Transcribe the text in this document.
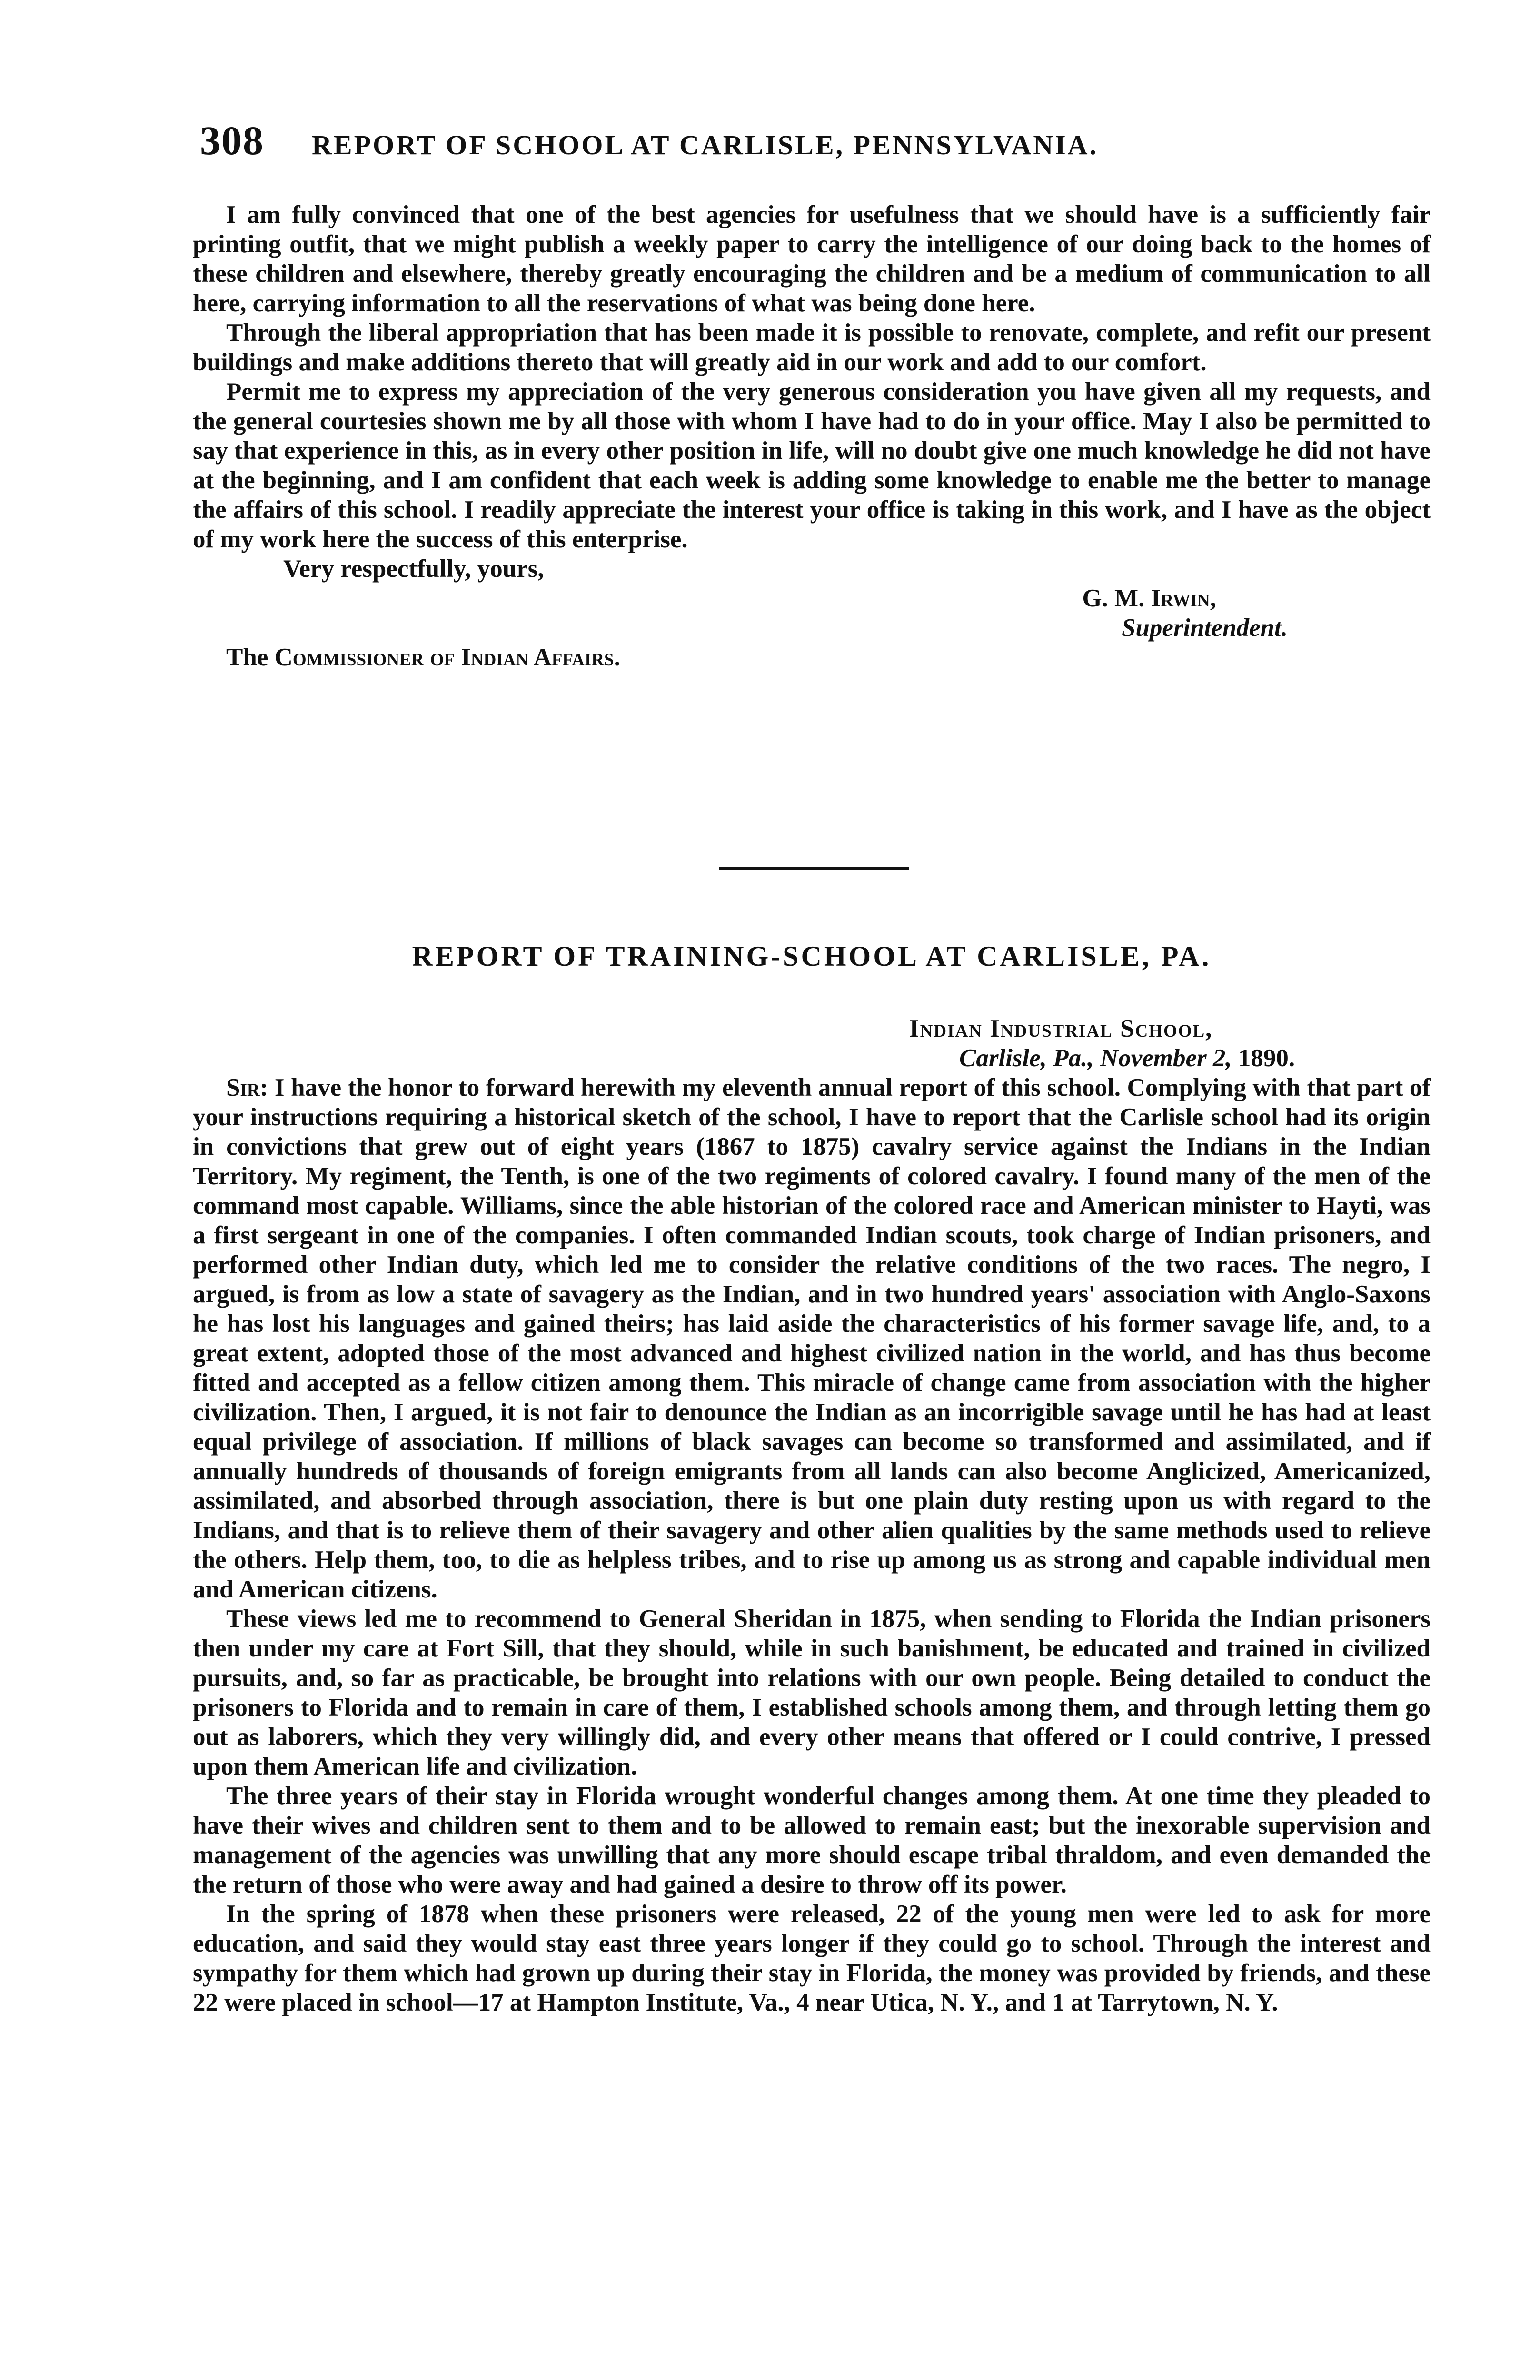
308 REPORT OF SCHOOL AT CARLISLE, PENNSYLVANIA.

I am fully convinced that one of the best agencies for usefulness that we should have is a sufficiently fair printing outfit, that we might publish a weekly paper to carry the intelligence of our doing back to the homes of these children and elsewhere, thereby greatly encouraging the children and be a medium of communication to all here, carrying information to all the reservations of what was being done here.

Through the liberal appropriation that has been made it is possible to renovate, complete, and refit our present buildings and make additions thereto that will greatly aid in our work and add to our comfort.

Permit me to express my appreciation of the very generous consideration you have given all my requests, and the general courtesies shown me by all those with whom I have had to do in your office. May I also be permitted to say that experience in this, as in every other position in life, will no doubt give one much knowledge he did not have at the beginning, and I am confident that each week is adding some knowledge to enable me the better to manage the affairs of this school. I readily appreciate the interest your office is taking in this work, and I have as the object of my work here the success of this enterprise.

Very respectfully, yours,

G. M. Irwin,

Superintendent.

The Commissioner of Indian Affairs.

REPORT OF TRAINING-SCHOOL AT CARLISLE, PA.

Indian Industrial School,

Carlisle, Pa., November 2, 1890.

Sir: I have the honor to forward herewith my eleventh annual report of this school. Complying with that part of your instructions requiring a historical sketch of the school, I have to report that the Carlisle school had its origin in convictions that grew out of eight years (1867 to 1875) cavalry service against the Indians in the Indian Territory. My regiment, the Tenth, is one of the two regiments of colored cavalry. I found many of the men of the command most capable. Williams, since the able historian of the colored race and American minister to Hayti, was a first sergeant in one of the companies. I often commanded Indian scouts, took charge of Indian prisoners, and performed other Indian duty, which led me to consider the relative conditions of the two races. The negro, I argued, is from as low a state of savagery as the Indian, and in two hundred years' association with Anglo-Saxons he has lost his languages and gained theirs; has laid aside the characteristics of his former savage life, and, to a great extent, adopted those of the most advanced and highest civilized nation in the world, and has thus become fitted and accepted as a fellow citizen among them. This miracle of change came from association with the higher civilization. Then, I argued, it is not fair to denounce the Indian as an incorrigible savage until he has had at least equal privilege of association. If millions of black savages can become so transformed and assimilated, and if annually hundreds of thousands of foreign emigrants from all lands can also become Anglicized, Americanized, assimilated, and absorbed through association, there is but one plain duty resting upon us with regard to the Indians, and that is to relieve them of their savagery and other alien qualities by the same methods used to relieve the others. Help them, too, to die as helpless tribes, and to rise up among us as strong and capable individual men and American citizens.

These views led me to recommend to General Sheridan in 1875, when sending to Florida the Indian prisoners then under my care at Fort Sill, that they should, while in such banishment, be educated and trained in civilized pursuits, and, so far as practicable, be brought into relations with our own people. Being detailed to conduct the prisoners to Florida and to remain in care of them, I established schools among them, and through letting them go out as laborers, which they very willingly did, and every other means that offered or I could contrive, I pressed upon them American life and civilization.

The three years of their stay in Florida wrought wonderful changes among them. At one time they pleaded to have their wives and children sent to them and to be allowed to remain east; but the inexorable supervision and management of the agencies was unwilling that any more should escape tribal thraldom, and even demanded the the return of those who were away and had gained a desire to throw off its power.

In the spring of 1878 when these prisoners were released, 22 of the young men were led to ask for more education, and said they would stay east three years longer if they could go to school. Through the interest and sympathy for them which had grown up during their stay in Florida, the money was provided by friends, and these 22 were placed in school—17 at Hampton Institute, Va., 4 near Utica, N. Y., and 1 at Tarrytown, N. Y.
